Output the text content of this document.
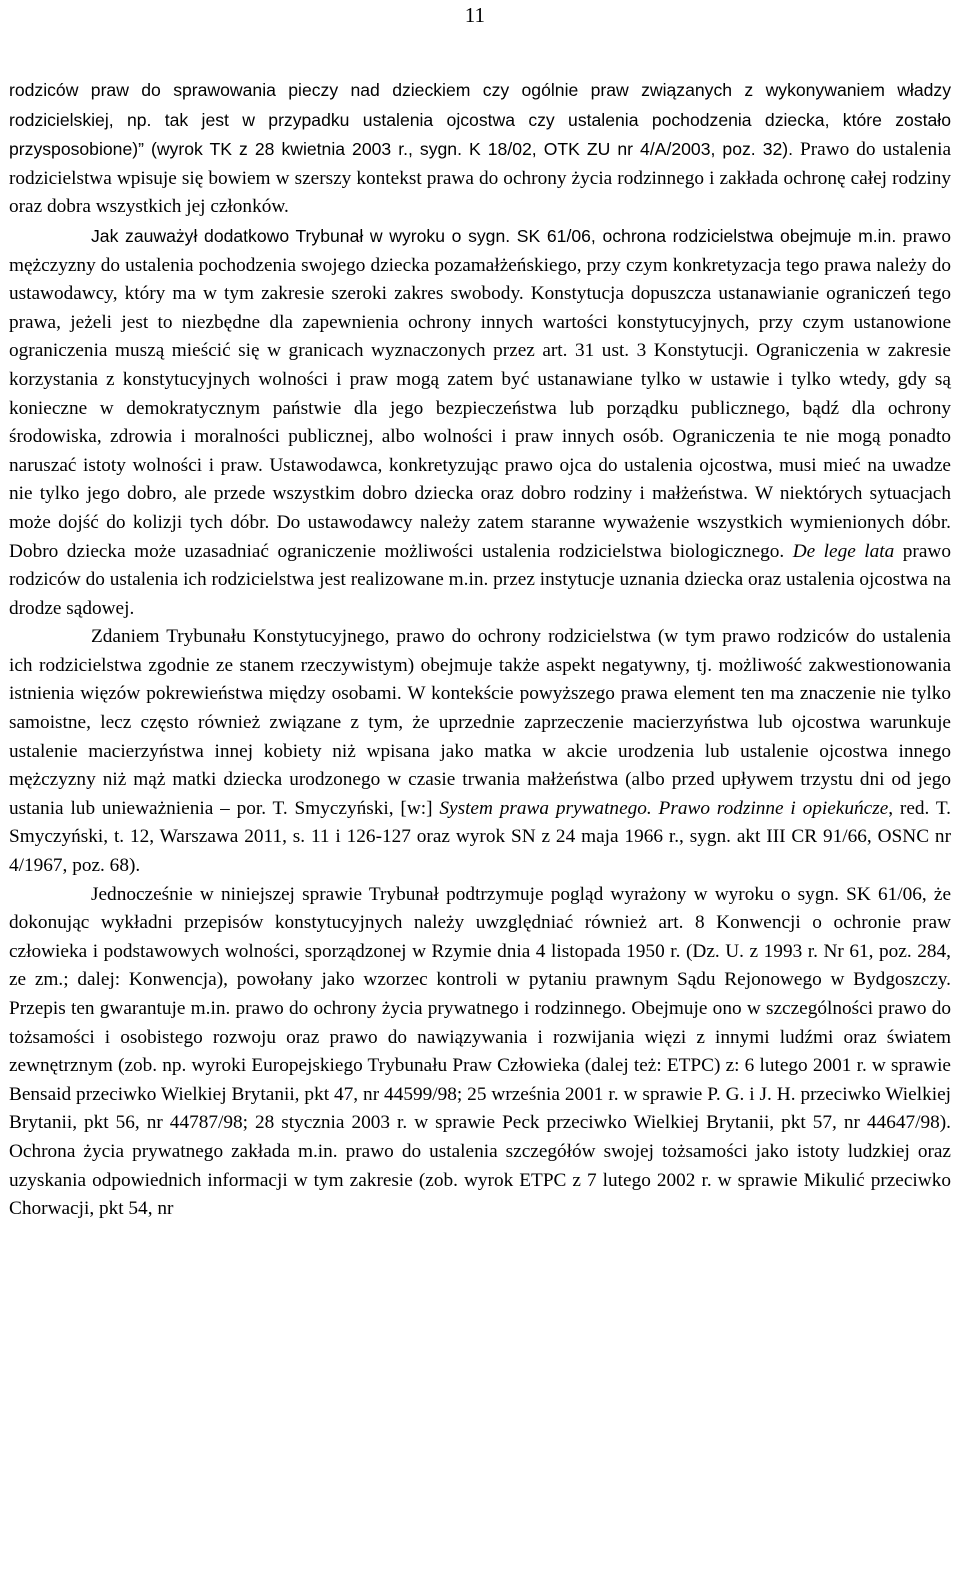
11

rodziców praw do sprawowania pieczy nad dzieckiem czy ogólnie praw związanych z wykonywaniem władzy rodzicielskiej, np. tak jest w przypadku ustalenia ojcostwa czy ustalenia pochodzenia dziecka, które zostało przysposobione)” (wyrok TK z 28 kwietnia 2003 r., sygn. K 18/02, OTK ZU nr 4/A/2003, poz. 32). Prawo do ustalenia rodzicielstwa wpisuje się bowiem w szerszy kontekst prawa do ochrony życia rodzinnego i zakłada ochronę całej rodziny oraz dobra wszystkich jej członków.

Jak zauważył dodatkowo Trybunał w wyroku o sygn. SK 61/06, ochrona rodzicielstwa obejmuje m.in. prawo mężczyzny do ustalenia pochodzenia swojego dziecka pozamałżeńskiego, przy czym konkretyzacja tego prawa należy do ustawodawcy, który ma w tym zakresie szeroki zakres swobody. Konstytucja dopuszcza ustanawianie ograniczeń tego prawa, jeżeli jest to niezbędne dla zapewnienia ochrony innych wartości konstytucyjnych, przy czym ustanowione ograniczenia muszą mieścić się w granicach wyznaczonych przez art. 31 ust. 3 Konstytucji. Ograniczenia w zakresie korzystania z konstytucyjnych wolności i praw mogą zatem być ustanawiane tylko w ustawie i tylko wtedy, gdy są konieczne w demokratycznym państwie dla jego bezpieczeństwa lub porządku publicznego, bądź dla ochrony środowiska, zdrowia i moralności publicznej, albo wolności i praw innych osób. Ograniczenia te nie mogą ponadto naruszać istoty wolności i praw. Ustawodawca, konkretyzując prawo ojca do ustalenia ojcostwa, musi mieć na uwadze nie tylko jego dobro, ale przede wszystkim dobro dziecka oraz dobro rodziny i małżeństwa. W niektórych sytuacjach może dojść do kolizji tych dóbr. Do ustawodawcy należy zatem staranne wyważenie wszystkich wymienionych dóbr. Dobro dziecka może uzasadniać ograniczenie możliwości ustalenia rodzicielstwa biologicznego. De lege lata prawo rodziców do ustalenia ich rodzicielstwa jest realizowane m.in. przez instytucje uznania dziecka oraz ustalenia ojcostwa na drodze sądowej.

Zdaniem Trybunału Konstytucyjnego, prawo do ochrony rodzicielstwa (w tym prawo rodziców do ustalenia ich rodzicielstwa zgodnie ze stanem rzeczywistym) obejmuje także aspekt negatywny, tj. możliwość zakwestionowania istnienia więzów pokrewieństwa między osobami. W kontekście powyższego prawa element ten ma znaczenie nie tylko samoistne, lecz często również związane z tym, że uprzednie zaprzeczenie macierzyństwa lub ojcostwa warunkuje ustalenie macierzyństwa innej kobiety niż wpisana jako matka w akcie urodzenia lub ustalenie ojcostwa innego mężczyzny niż mąż matki dziecka urodzonego w czasie trwania małżeństwa (albo przed upływem trzystu dni od jego ustania lub unieważnienia – por. T. Smyczyński, [w:] System prawa prywatnego. Prawo rodzinne i opiekuńcze, red. T. Smyczyński, t. 12, Warszawa 2011, s. 11 i 126-127 oraz wyrok SN z 24 maja 1966 r., sygn. akt III CR 91/66, OSNC nr 4/1967, poz. 68).

Jednocześnie w niniejszej sprawie Trybunał podtrzymuje pogląd wyrażony w wyroku o sygn. SK 61/06, że dokonując wykładni przepisów konstytucyjnych należy uwzględniać również art. 8 Konwencji o ochronie praw człowieka i podstawowych wolności, sporządzonej w Rzymie dnia 4 listopada 1950 r. (Dz. U. z 1993 r. Nr 61, poz. 284, ze zm.; dalej: Konwencja), powołany jako wzorzec kontroli w pytaniu prawnym Sądu Rejonowego w Bydgoszczy. Przepis ten gwarantuje m.in. prawo do ochrony życia prywatnego i rodzinnego. Obejmuje ono w szczególności prawo do tożsamości i osobistego rozwoju oraz prawo do nawiązywania i rozwijania więzi z innymi ludźmi oraz światem zewnętrznym (zob. np. wyroki Europejskiego Trybunału Praw Człowieka (dalej też: ETPC) z: 6 lutego 2001 r. w sprawie Bensaid przeciwko Wielkiej Brytanii, pkt 47, nr 44599/98; 25 września 2001 r. w sprawie P. G. i J. H. przeciwko Wielkiej Brytanii, pkt 56, nr 44787/98; 28 stycznia 2003 r. w sprawie Peck przeciwko Wielkiej Brytanii, pkt 57, nr 44647/98). Ochrona życia prywatnego zakłada m.in. prawo do ustalenia szczegółów swojej tożsamości jako istoty ludzkiej oraz uzyskania odpowiednich informacji w tym zakresie (zob. wyrok ETPC z 7 lutego 2002 r. w sprawie Mikulić przeciwko Chorwacji, pkt 54, nr
